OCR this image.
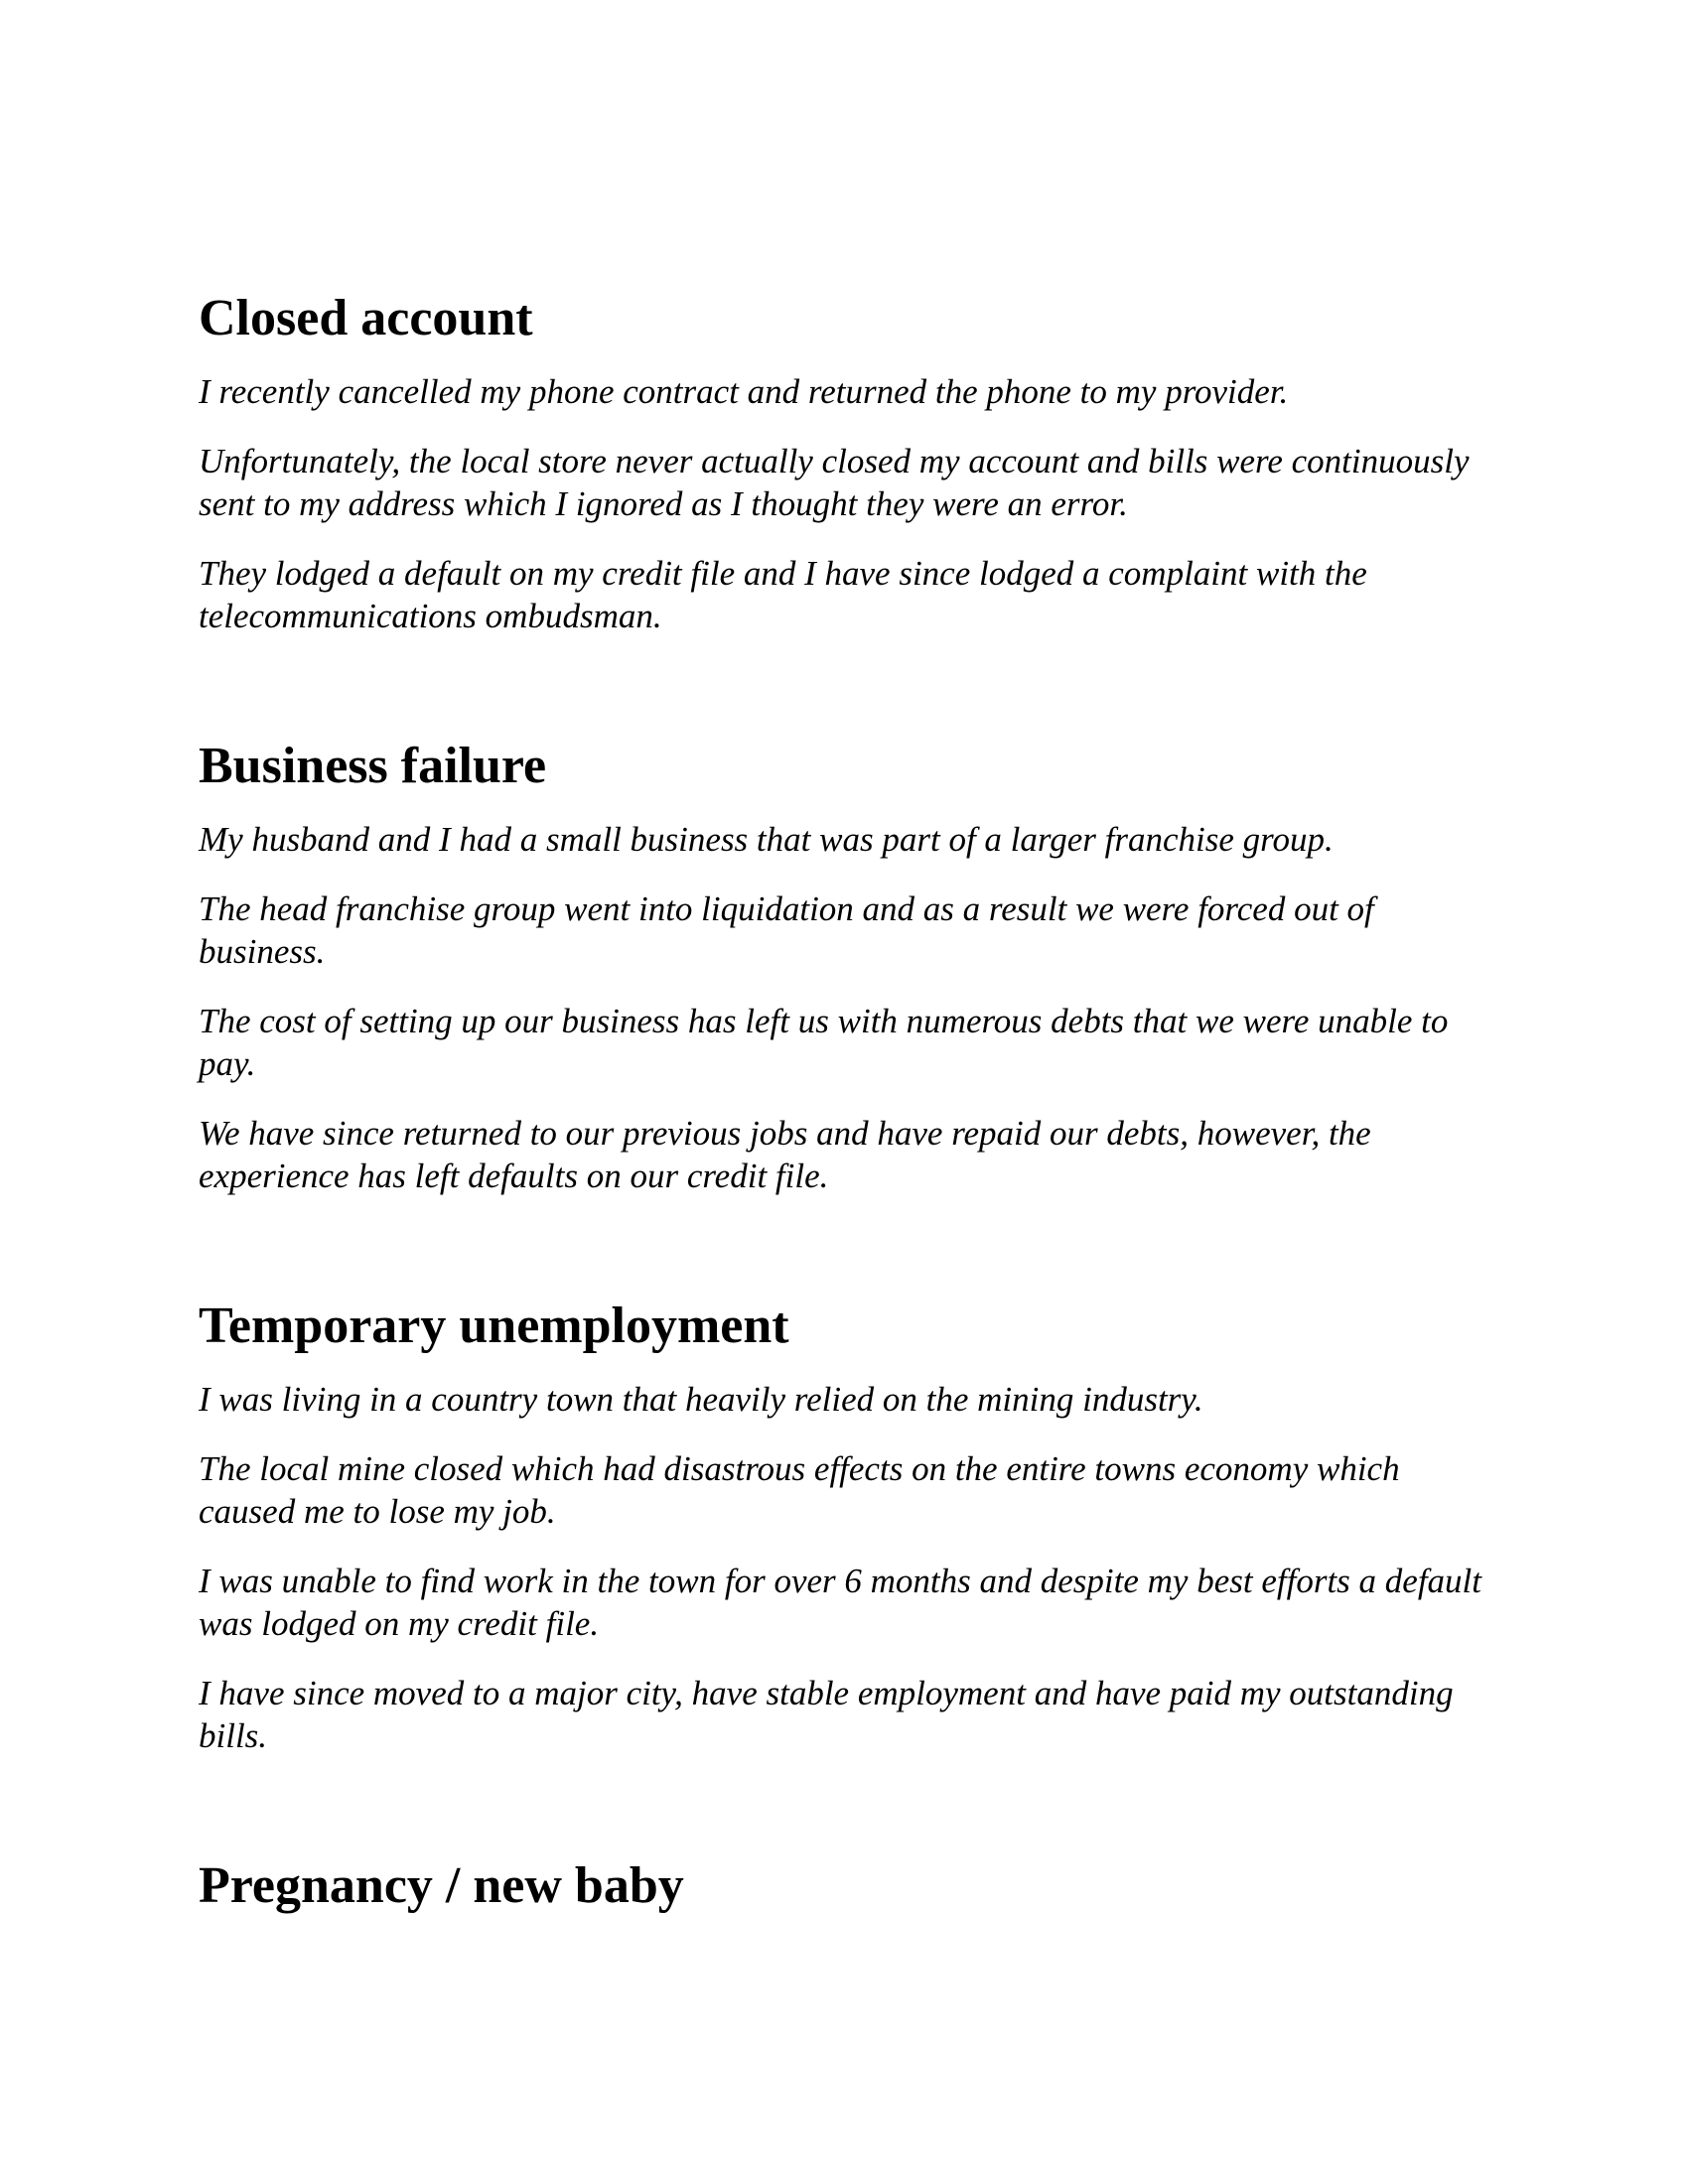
Closed account
I recently cancelled my phone contract and returned the phone to my provider.
Unfortunately, the local store never actually closed my account and bills were continuously sent to my address which I ignored as I thought they were an error.
They lodged a default on my credit file and I have since lodged a complaint with the telecommunications ombudsman.
Business failure
My husband and I had a small business that was part of a larger franchise group.
The head franchise group went into liquidation and as a result we were forced out of business.
The cost of setting up our business has left us with numerous debts that we were unable to pay.
We have since returned to our previous jobs and have repaid our debts, however, the experience has left defaults on our credit file.
Temporary unemployment
I was living in a country town that heavily relied on the mining industry.
The local mine closed which had disastrous effects on the entire towns economy which caused me to lose my job.
I was unable to find work in the town for over 6 months and despite my best efforts a default was lodged on my credit file.
I have since moved to a major city, have stable employment and have paid my outstanding bills.
Pregnancy / new baby
